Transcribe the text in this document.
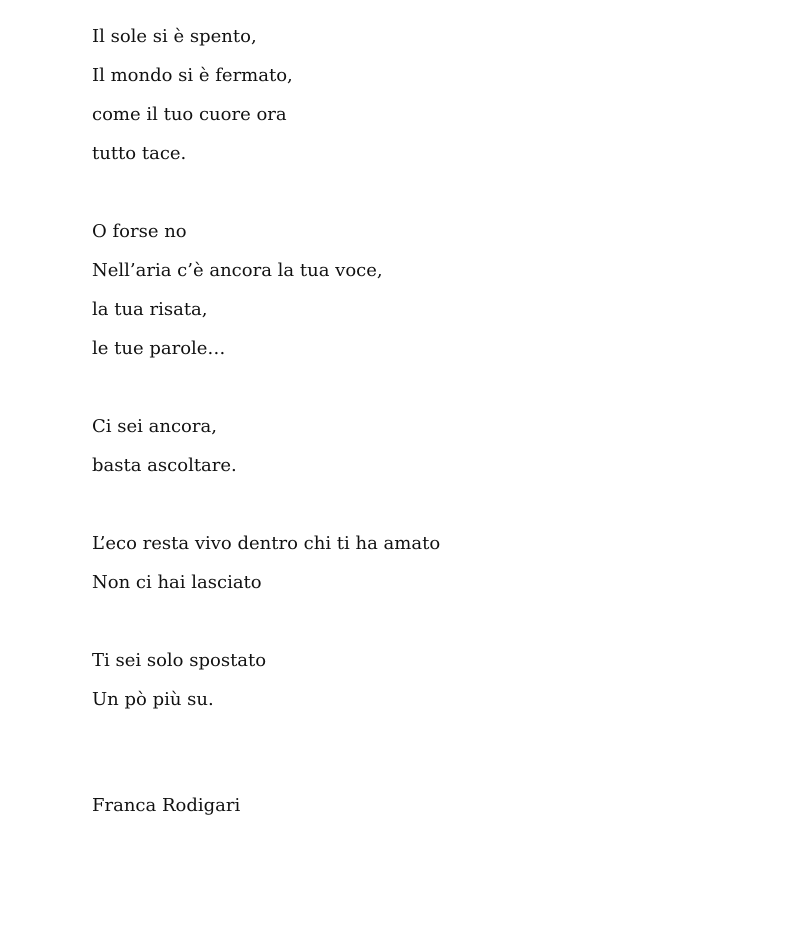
Il sole si è spento,
Il mondo si è fermato,
come il tuo cuore ora
tutto tace.
O forse no
Nell’aria c’è ancora la tua voce,
la tua risata,
le tue parole…
Ci sei ancora,
basta ascoltare.
L’eco resta vivo dentro chi ti ha amato
Non ci hai lasciato
Ti sei solo spostato
Un pò più su.
Franca Rodigari
